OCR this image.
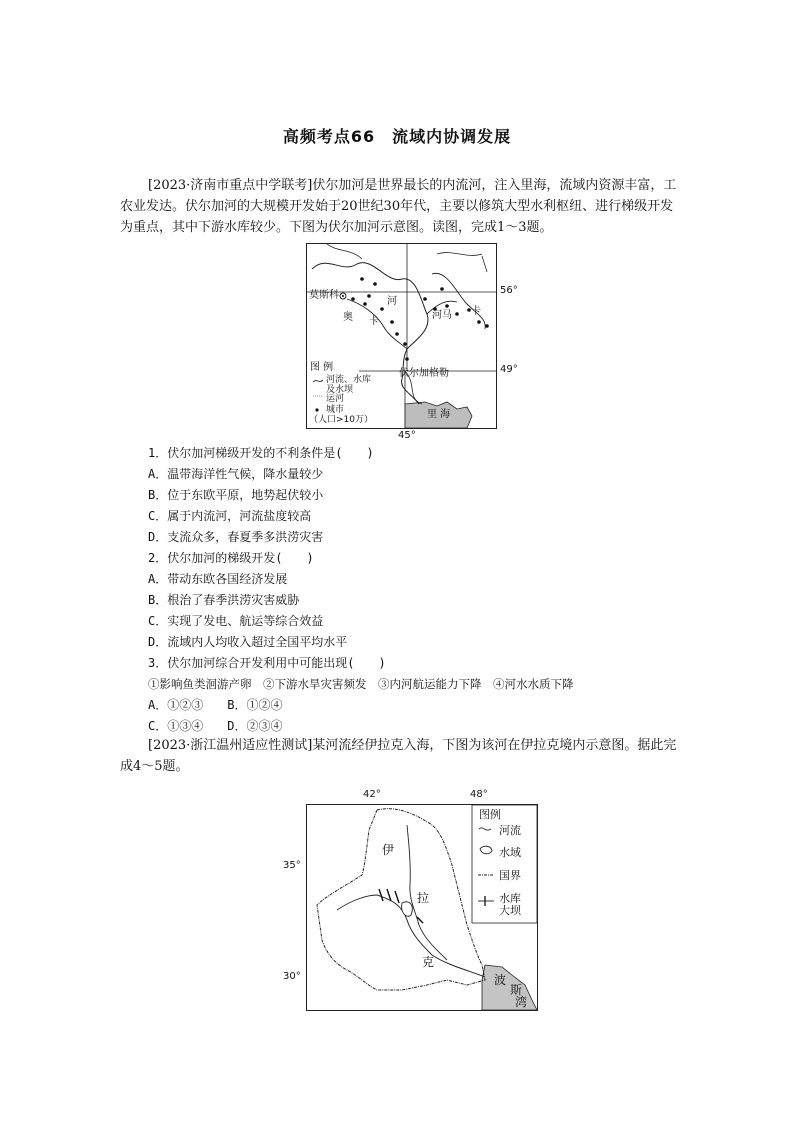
高频考点66　流域内协调发展

[2023·济南市重点中学联考]伏尔加河是世界最长的内流河，注入里海，流域内资源丰富，工农业发达。伏尔加河的大规模开发始于20世纪30年代，主要以修筑大型水利枢纽、进行梯级开发为重点，其中下游水库较少。下图为伏尔加河示意图。读图，完成1～3题。

莫斯科
奥 卡
河
河马 卡
伏尔加格勒
里 海
图 例
河流、水库
及水坝
运河
城市
（人口>10万）
56°
49°
45°
1．伏尔加河梯级开发的不利条件是(　　)
A．温带海洋性气候，降水量较少
B．位于东欧平原，地势起伏较小
C．属于内流河，河流盐度较高
D．支流众多，春夏季多洪涝灾害
2．伏尔加河的梯级开发(　　)
A．带动东欧各国经济发展
B．根治了春季洪涝灾害威胁
C．实现了发电、航运等综合效益
D．流域内人均收入超过全国平均水平
3．伏尔加河综合开发利用中可能出现(　　)
①影响鱼类洄游产卵　②下游水旱灾害频发　③内河航运能力下降　④河水水质下降
A．①②③　　B．①②④
C．①③④　　D．②③④

[2023·浙江温州适应性测试]某河流经伊拉克入海，下图为该河在伊拉克境内示意图。据此完成4～5题。

42°	48°
35°
30°
伊
拉
克
波
斯
湾
图例
河流
水域
国界
水库
大坝
